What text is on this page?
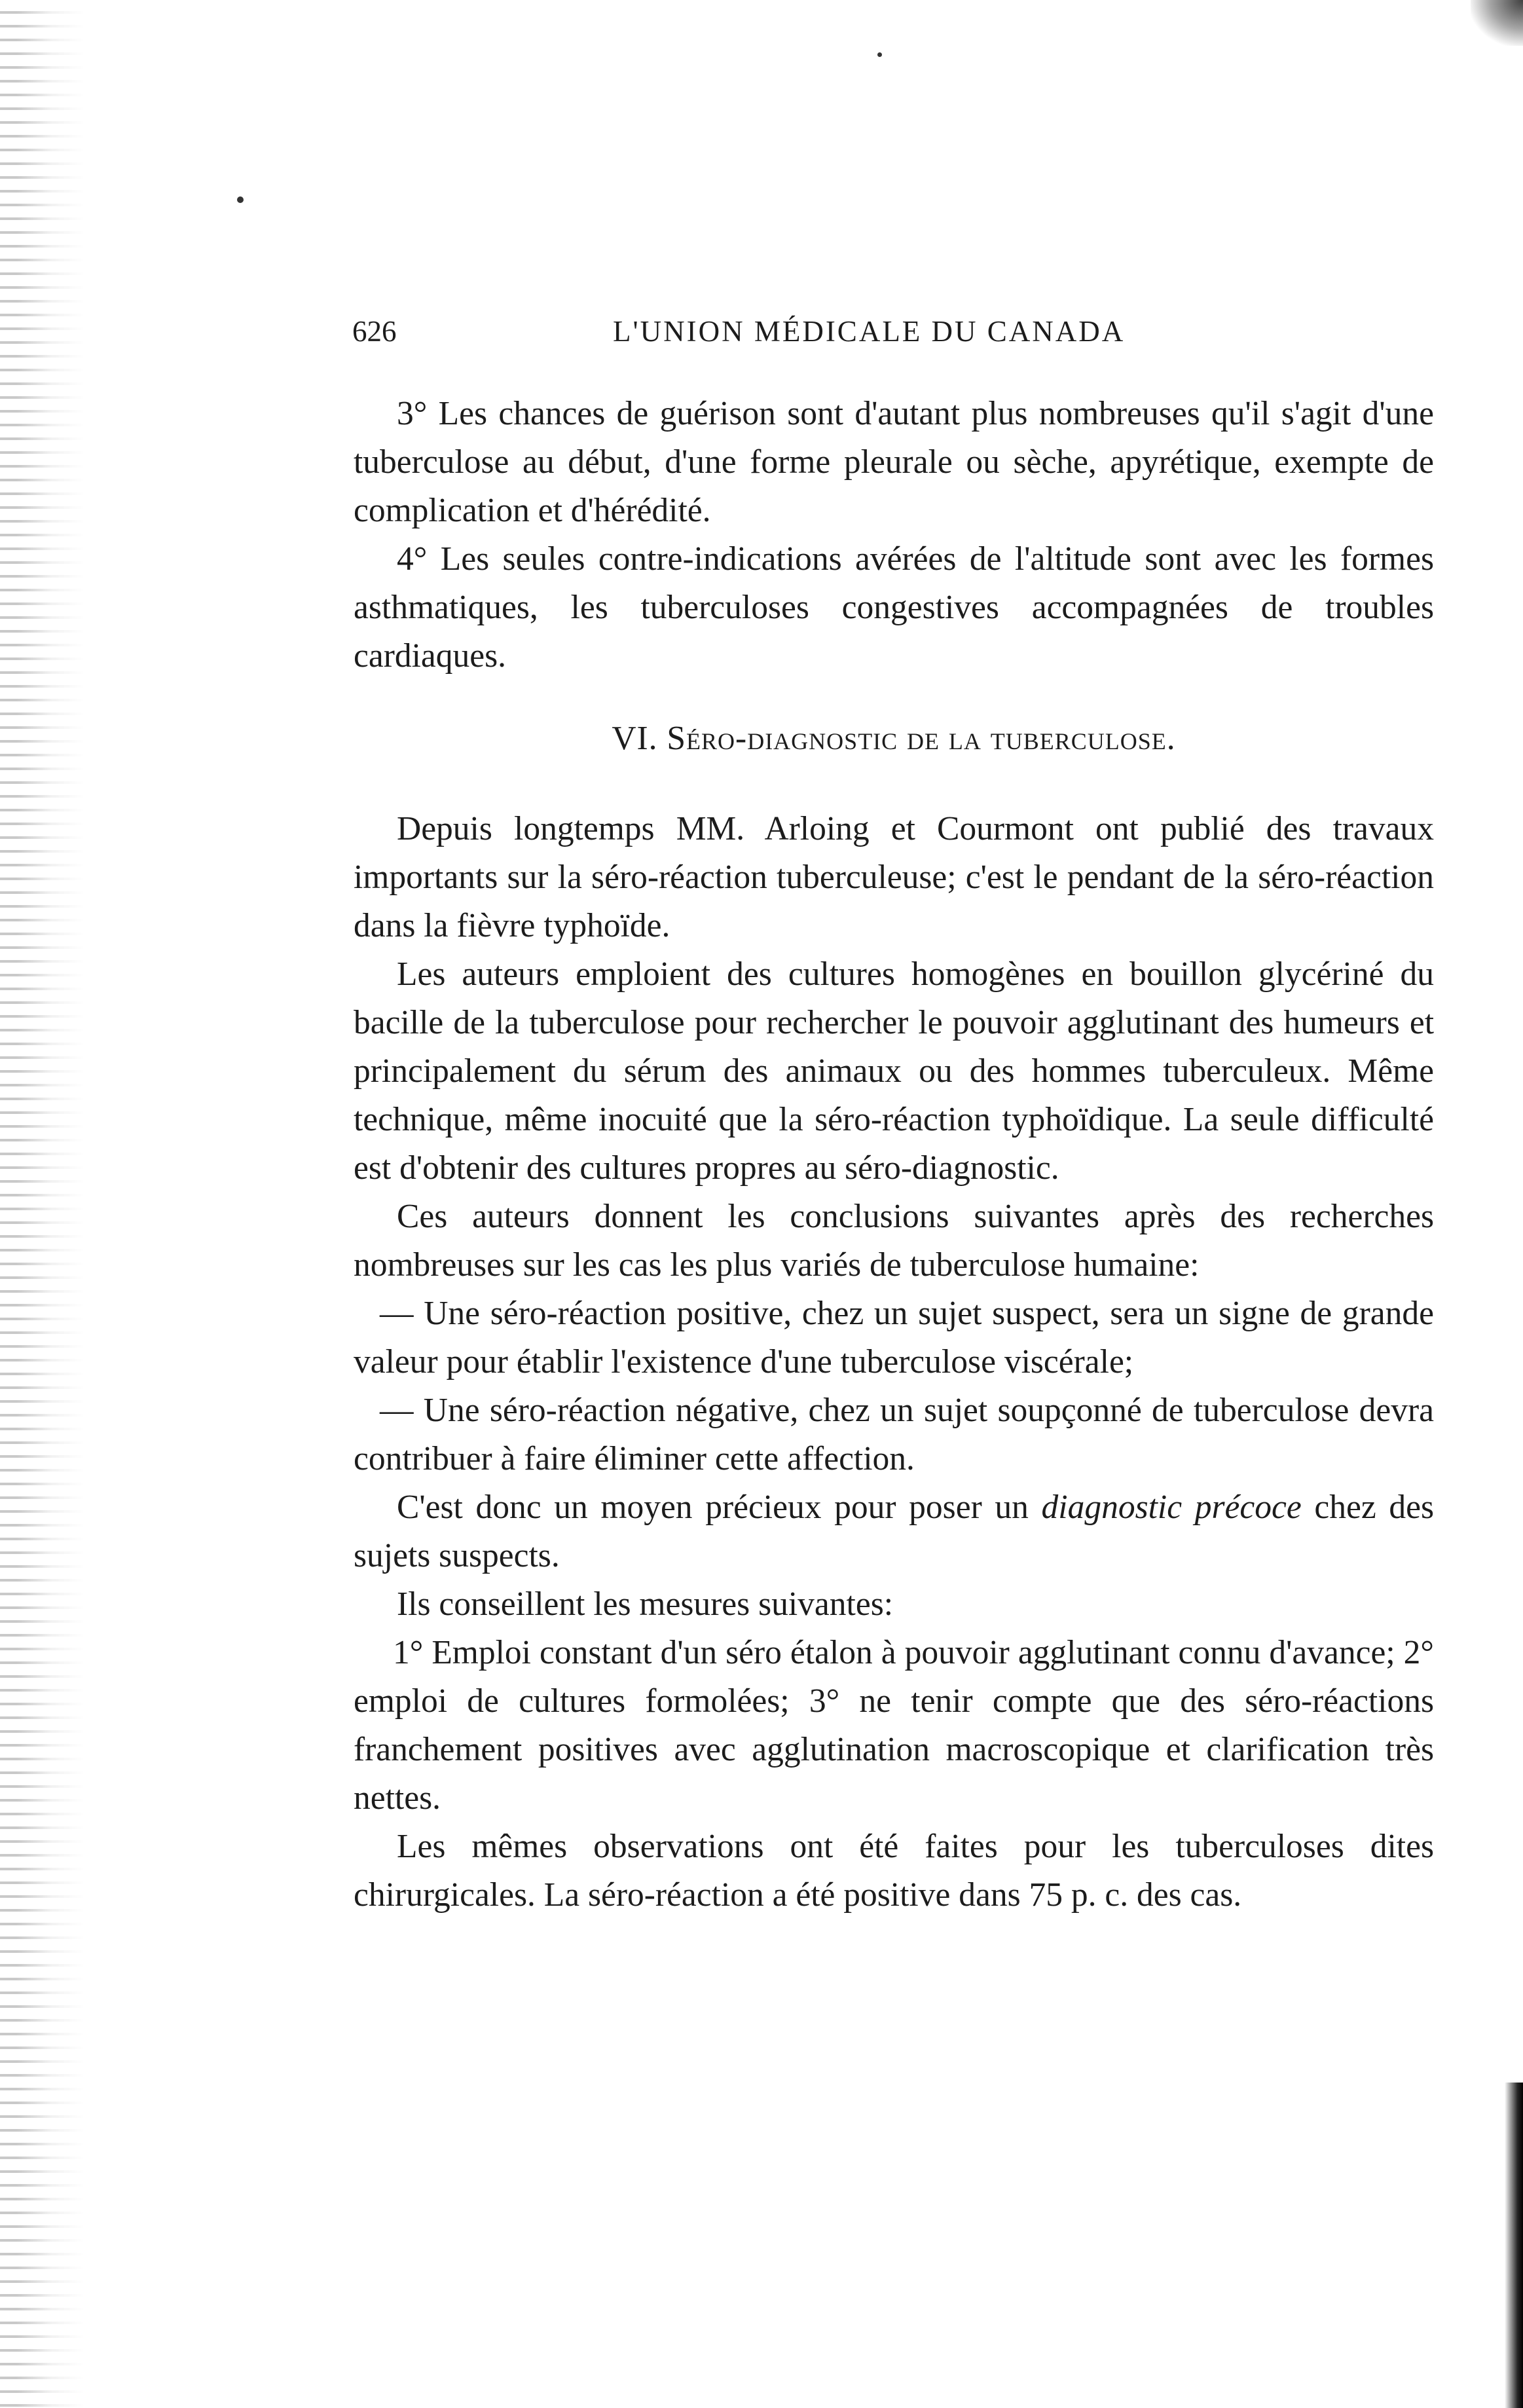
626	L'UNION MÉDICALE DU CANADA

3° Les chances de guérison sont d'autant plus nombreuses qu'il s'agit d'une tuberculose au début, d'une forme pleurale ou sèche, apyrétique, exempte de complication et d'hérédité.

4° Les seules contre-indications avérées de l'altitude sont avec les formes asthmatiques, les tuberculoses congestives accompagnées de troubles cardiaques.

VI. Séro-diagnostic de la tuberculose.

Depuis longtemps MM. Arloing et Courmont ont publié des travaux importants sur la séro-réaction tuberculeuse; c'est le pendant de la séro-réaction dans la fièvre typhoïde.

Les auteurs emploient des cultures homogènes en bouillon glycériné du bacille de la tuberculose pour rechercher le pouvoir agglutinant des humeurs et principalement du sérum des animaux ou des hommes tuberculeux. Même technique, même inocuité que la séro-réaction typhoïdique. La seule difficulté est d'obtenir des cultures propres au séro-diagnostic.

Ces auteurs donnent les conclusions suivantes après des recherches nombreuses sur les cas les plus variés de tuberculose humaine:

— Une séro-réaction positive, chez un sujet suspect, sera un signe de grande valeur pour établir l'existence d'une tuberculose viscérale;

— Une séro-réaction négative, chez un sujet soupçonné de tuberculose devra contribuer à faire éliminer cette affection.

C'est donc un moyen précieux pour poser un diagnostic précoce chez des sujets suspects.

Ils conseillent les mesures suivantes:

1° Emploi constant d'un séro étalon à pouvoir agglutinant connu d'avance; 2° emploi de cultures formolées; 3° ne tenir compte que des séro-réactions franchement positives avec agglutination macroscopique et clarification très nettes.

Les mêmes observations ont été faites pour les tuberculoses dites chirurgicales. La séro-réaction a été positive dans 75 p. c. des cas.
